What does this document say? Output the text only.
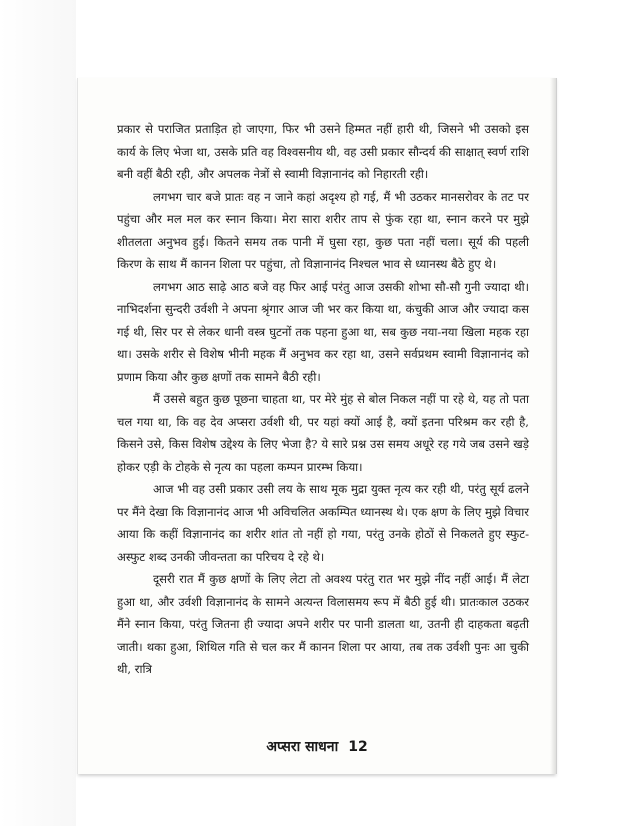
प्रकार से पराजित प्रताड़ित हो जाएगा, फिर भी उसने हिम्मत नहीं हारी थी, जिसने भी उसको इस कार्य के लिए भेजा था, उसके प्रति वह विश्वसनीय थी, वह उसी प्रकार सौन्दर्य की साक्षात् स्वर्ण राशि बनी वहीं बैठी रही, और अपलक नेत्रों से स्वामी विज्ञानानंद को निहारती रही।

लगभग चार बजे प्रातः वह न जाने कहां अदृश्य हो गई, मैं भी उठकर मानसरोवर के तट पर पहुंचा और मल मल कर स्नान किया। मेरा सारा शरीर ताप से फुंक रहा था, स्नान करने पर मुझे शीतलता अनुभव हुई। कितने समय तक पानी में घुसा रहा, कुछ पता नहीं चला। सूर्य की पहली किरण के साथ मैं कानन शिला पर पहुंचा, तो विज्ञानानंद निश्चल भाव से ध्यानस्थ बैठे हुए थे।

लगभग आठ साढ़े आठ बजे वह फिर आई परंतु आज उसकी शोभा सौ-सौ गुनी ज्यादा थी। नाभिदर्शना सुन्दरी उर्वशी ने अपना श्रृंगार आज जी भर कर किया था, कंचुकी आज और ज्यादा कस गई थी, सिर पर से लेकर धानी वस्त्र घुटनों तक पहना हुआ था, सब कुछ नया-नया खिला महक रहा था। उसके शरीर से विशेष भीनी महक मैं अनुभव कर रहा था, उसने सर्वप्रथम स्वामी विज्ञानानंद को प्रणाम किया और कुछ क्षणों तक सामने बैठी रही।

मैं उससे बहुत कुछ पूछना चाहता था, पर मेरे मुंह से बोल निकल नहीं पा रहे थे, यह तो पता चल गया था, कि वह देव अप्सरा उर्वशी थी, पर यहां क्यों आई है, क्यों इतना परिश्रम कर रही है, किसने उसे, किस विशेष उद्देश्य के लिए भेजा है? ये सारे प्रश्न उस समय अधूरे रह गये जब उसने खड़े होकर एड़ी के टोहके से नृत्य का पहला कम्पन प्रारम्भ किया।

आज भी वह उसी प्रकार उसी लय के साथ मूक मुद्रा युक्त नृत्य कर रही थी, परंतु सूर्य ढलने पर मैंने देखा कि विज्ञानानंद आज भी अविचलित अकम्पित ध्यानस्थ थे। एक क्षण के लिए मुझे विचार आया कि कहीं विज्ञानानंद का शरीर शांत तो नहीं हो गया, परंतु उनके होठों से निकलते हुए स्फुट-अस्फुट शब्द उनकी जीवन्तता का परिचय दे रहे थे।

दूसरी रात मैं कुछ क्षणों के लिए लेटा तो अवश्य परंतु रात भर मुझे नींद नहीं आई। मैं लेटा हुआ था, और उर्वशी विज्ञानानंद के सामने अत्यन्त विलासमय रूप में बैठी हुई थी। प्रातःकाल उठकर मैंने स्नान किया, परंतु जितना ही ज्यादा अपने शरीर पर पानी डालता था, उतनी ही दाहकता बढ़ती जाती। थका हुआ, शिथिल गति से चल कर मैं कानन शिला पर आया, तब तक उर्वशी पुनः आ चुकी थी, रात्रि

अप्सरा साधना 12
